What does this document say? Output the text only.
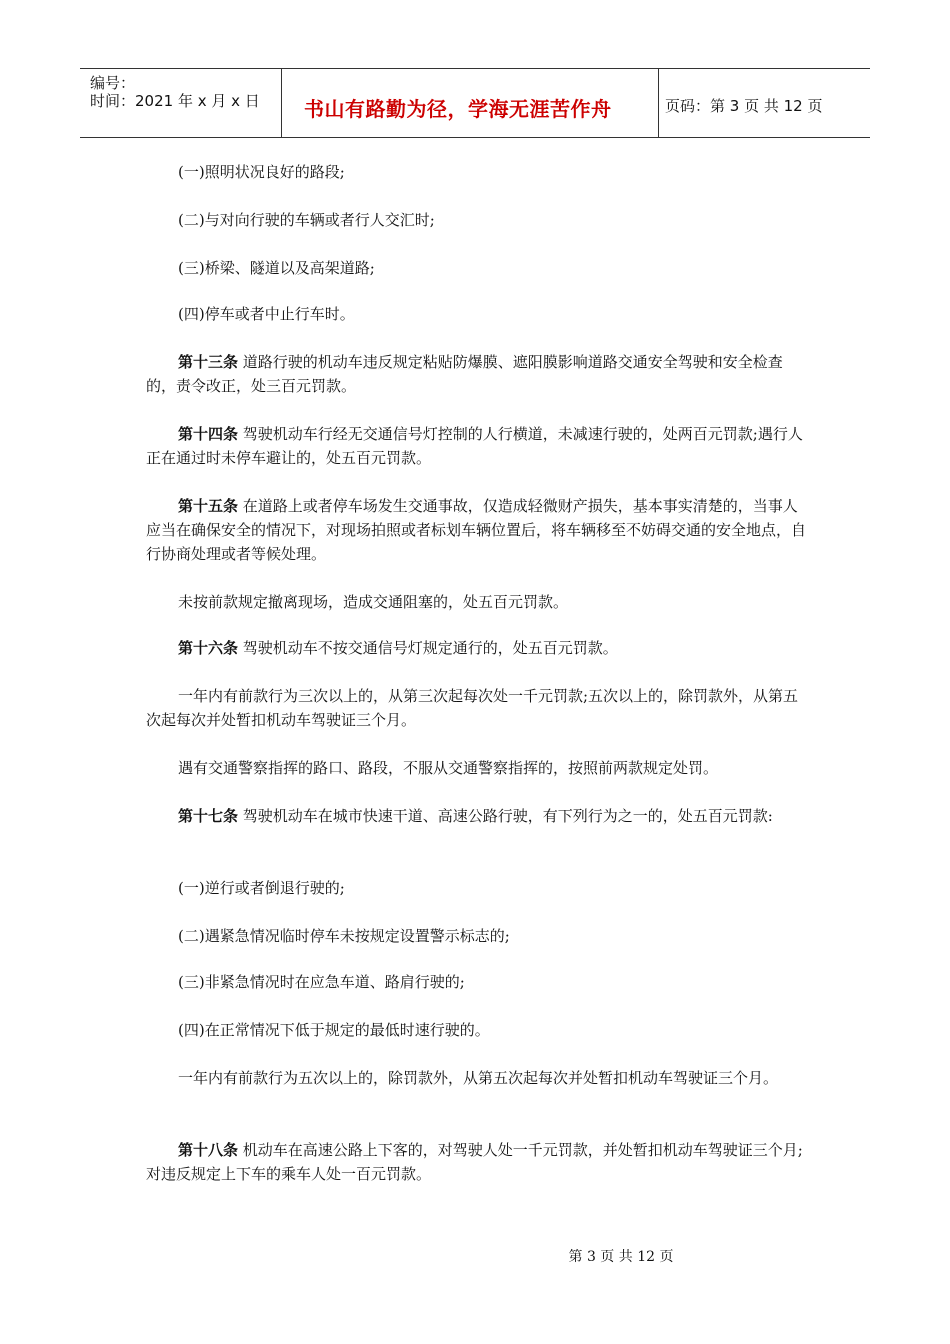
编号：
时间：2021 年 x 月 x 日 书山有路勤为径，学海无涯苦作舟	页码：第 3 页 共 12 页
(一)照明状况良好的路段;
(二)与对向行驶的车辆或者行人交汇时;
(三)桥梁、隧道以及高架道路;
(四)停车或者中止行车时。
第十三条 道路行驶的机动车违反规定粘贴防爆膜、遮阳膜影响道路交通安全驾驶和安全检查的，责令改正，处三百元罚款。
第十四条 驾驶机动车行经无交通信号灯控制的人行横道，未减速行驶的，处两百元罚款;遇行人正在通过时未停车避让的，处五百元罚款。
第十五条 在道路上或者停车场发生交通事故，仅造成轻微财产损失，基本事实清楚的，当事人应当在确保安全的情况下，对现场拍照或者标划车辆位置后，将车辆移至不妨碍交通的安全地点，自行协商处理或者等候处理。
未按前款规定撤离现场，造成交通阻塞的，处五百元罚款。
第十六条 驾驶机动车不按交通信号灯规定通行的，处五百元罚款。
一年内有前款行为三次以上的，从第三次起每次处一千元罚款;五次以上的，除罚款外，从第五次起每次并处暂扣机动车驾驶证三个月。
遇有交通警察指挥的路口、路段，不服从交通警察指挥的，按照前两款规定处罚。
第十七条 驾驶机动车在城市快速干道、高速公路行驶，有下列行为之一的，处五百元罚款:
(一)逆行或者倒退行驶的;
(二)遇紧急情况临时停车未按规定设置警示标志的;
(三)非紧急情况时在应急车道、路肩行驶的;
(四)在正常情况下低于规定的最低时速行驶的。
一年内有前款行为五次以上的，除罚款外，从第五次起每次并处暂扣机动车驾驶证三个月。
第十八条 机动车在高速公路上下客的，对驾驶人处一千元罚款，并处暂扣机动车驾驶证三个月;对违反规定上下车的乘车人处一百元罚款。
第 3 页 共 12 页
